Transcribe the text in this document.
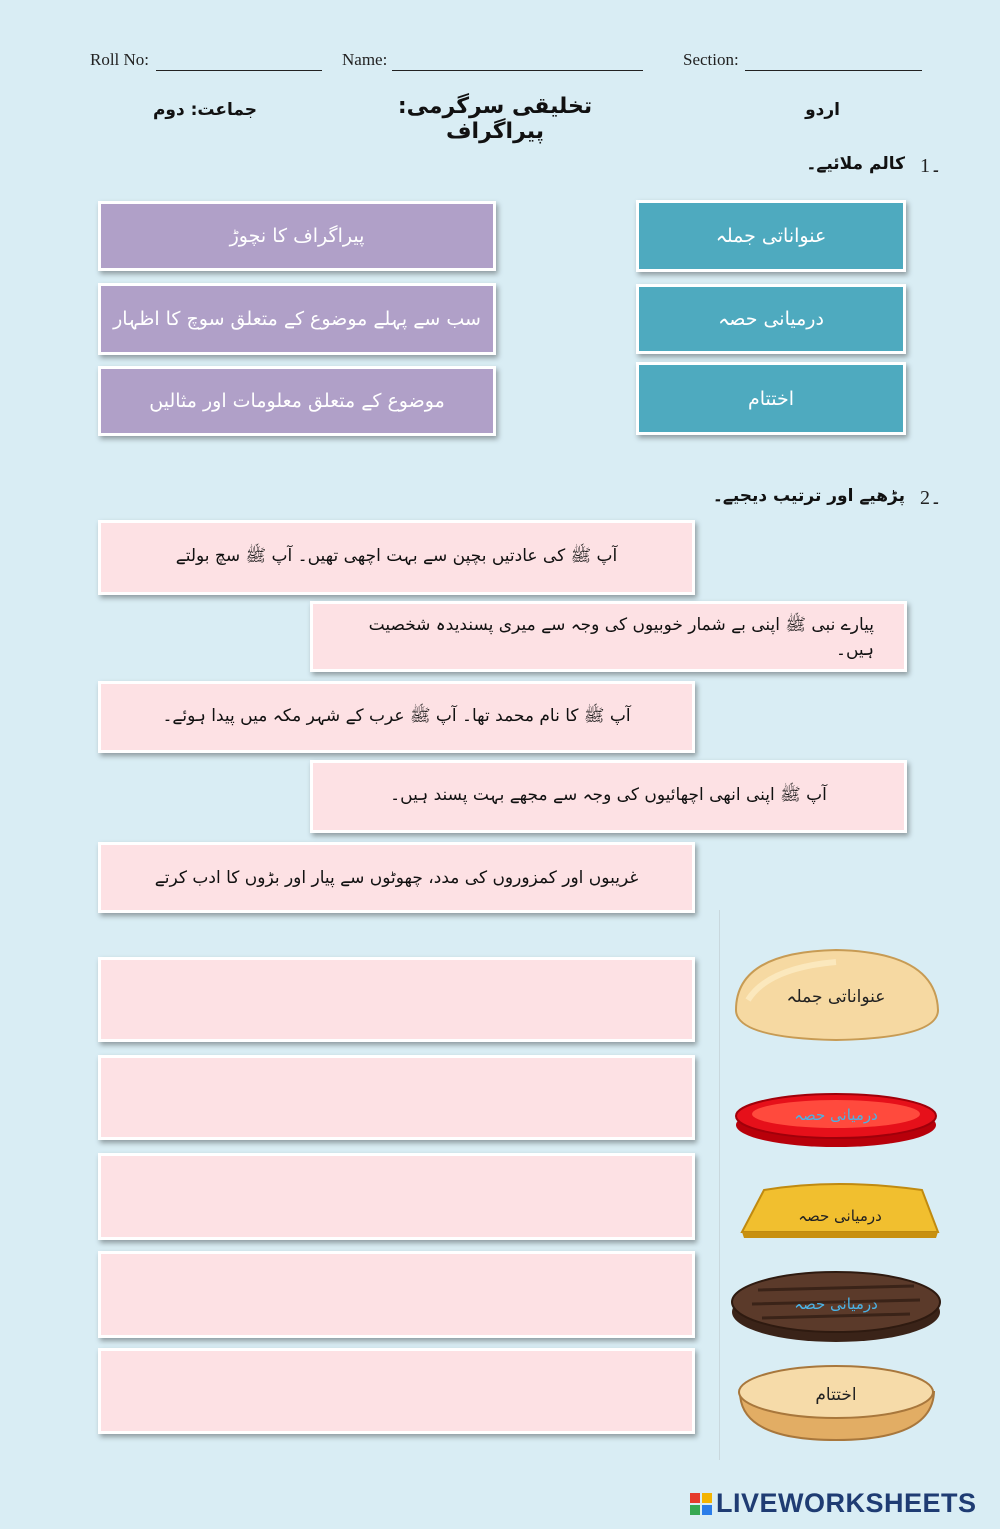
Roll No:	Name:	Section:
اردو
تخلیقی سرگرمی: پیراگراف
جماعت: دوم
1۔
کالم ملائیے۔
پیراگراف کا نچوڑ
سب سے پہلے موضوع کے متعلق سوچ کا اظہار
موضوع کے متعلق معلومات اور مثالیں
عنواناتی جملہ
درمیانی حصہ
اختتام
2۔
پڑھیے اور ترتیب دیجیے۔
آپ ﷺ کی عادتیں بچپن سے بہت اچھی تھیں۔ آپ ﷺ سچ بولتے
پیارے نبی ﷺ اپنی بے شمار خوبیوں کی وجہ سے میری پسندیدہ شخصیت ہیں۔
آپ ﷺ کا نام محمد تھا۔ آپ ﷺ عرب کے شہر مکہ میں پیدا ہوئے۔
آپ ﷺ اپنی انھی اچھائیوں کی وجہ سے مجھے بہت پسند ہیں۔
غریبوں اور کمزوروں کی مدد، چھوٹوں سے پیار اور بڑوں کا ادب کرتے
عنواناتی جملہ
درمیانی حصہ
درمیانی حصہ
درمیانی حصہ
اختتام
LIVEWORKSHEETS
